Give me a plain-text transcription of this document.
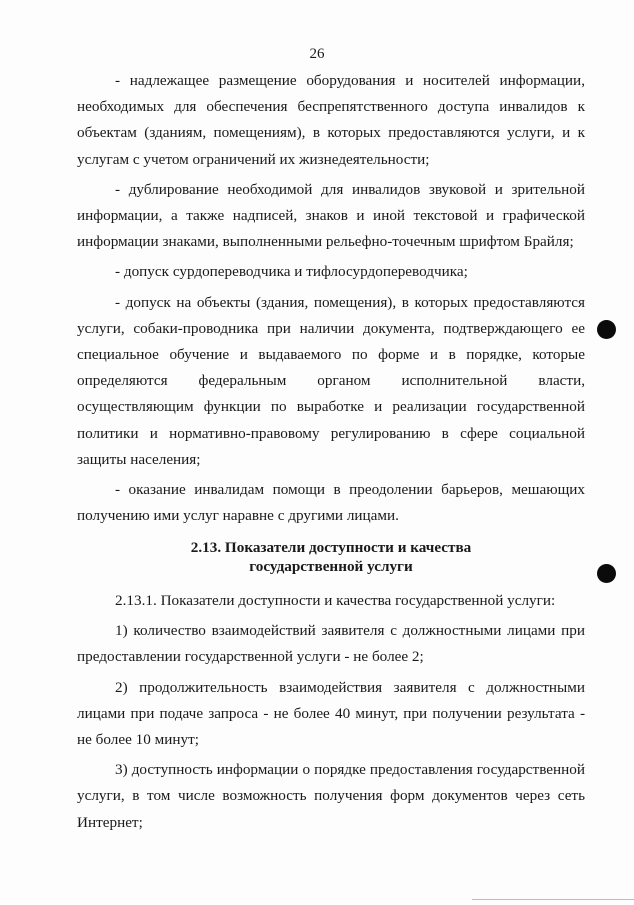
26

- надлежащее размещение оборудования и носителей информации, необходимых для обеспечения беспрепятственного доступа инвалидов к объектам (зданиям, помещениям), в которых предоставляются услуги, и к услугам с учетом ограничений их жизнедеятельности;

- дублирование необходимой для инвалидов звуковой и зрительной информации, а также надписей, знаков и иной текстовой и графической информации знаками, выполненными рельефно-точечным шрифтом Брайля;

- допуск сурдопереводчика и тифлосурдопереводчика;

- допуск на объекты (здания, помещения), в которых предоставляются услуги, собаки-проводника при наличии документа, подтверждающего ее специальное обучение и выдаваемого по форме и в порядке, которые определяются федеральным органом исполнительной власти, осуществляющим функции по выработке и реализации государственной политики и нормативно-правовому регулированию в сфере социальной защиты населения;

- оказание инвалидам помощи в преодолении барьеров, мешающих получению ими услуг наравне с другими лицами.

2.13. Показатели доступности и качества
государственной услуги

2.13.1. Показатели доступности и качества государственной услуги:

1) количество взаимодействий заявителя с должностными лицами при предоставлении государственной услуги - не более 2;

2) продолжительность взаимодействия заявителя с должностными лицами при подаче запроса - не более 40 минут, при получении результата - не более 10 минут;

3) доступность информации о порядке предоставления государственной услуги, в том числе возможность получения форм документов через сеть Интернет;
